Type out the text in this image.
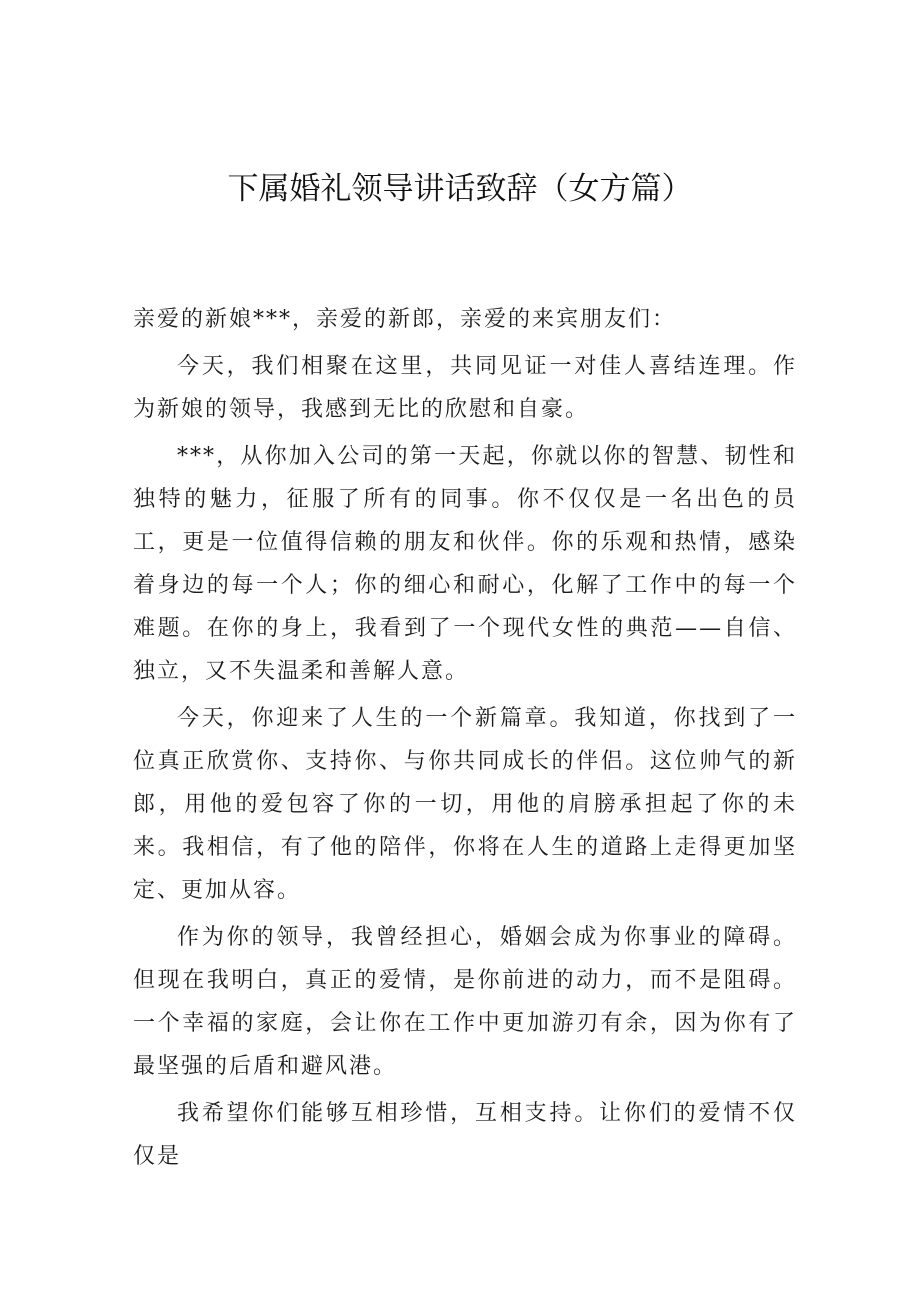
下属婚礼领导讲话致辞（女方篇）

亲爱的新娘***，亲爱的新郎，亲爱的来宾朋友们：

今天，我们相聚在这里，共同见证一对佳人喜结连理。作为新娘的领导，我感到无比的欣慰和自豪。

***，从你加入公司的第一天起，你就以你的智慧、韧性和独特的魅力，征服了所有的同事。你不仅仅是一名出色的员工，更是一位值得信赖的朋友和伙伴。你的乐观和热情，感染着身边的每一个人；你的细心和耐心，化解了工作中的每一个难题。在你的身上，我看到了一个现代女性的典范——自信、独立，又不失温柔和善解人意。

今天，你迎来了人生的一个新篇章。我知道，你找到了一位真正欣赏你、支持你、与你共同成长的伴侣。这位帅气的新郎，用他的爱包容了你的一切，用他的肩膀承担起了你的未来。我相信，有了他的陪伴，你将在人生的道路上走得更加坚定、更加从容。

作为你的领导，我曾经担心，婚姻会成为你事业的障碍。但现在我明白，真正的爱情，是你前进的动力，而不是阻碍。一个幸福的家庭，会让你在工作中更加游刃有余，因为你有了最坚强的后盾和避风港。

我希望你们能够互相珍惜，互相支持。让你们的爱情不仅仅是
